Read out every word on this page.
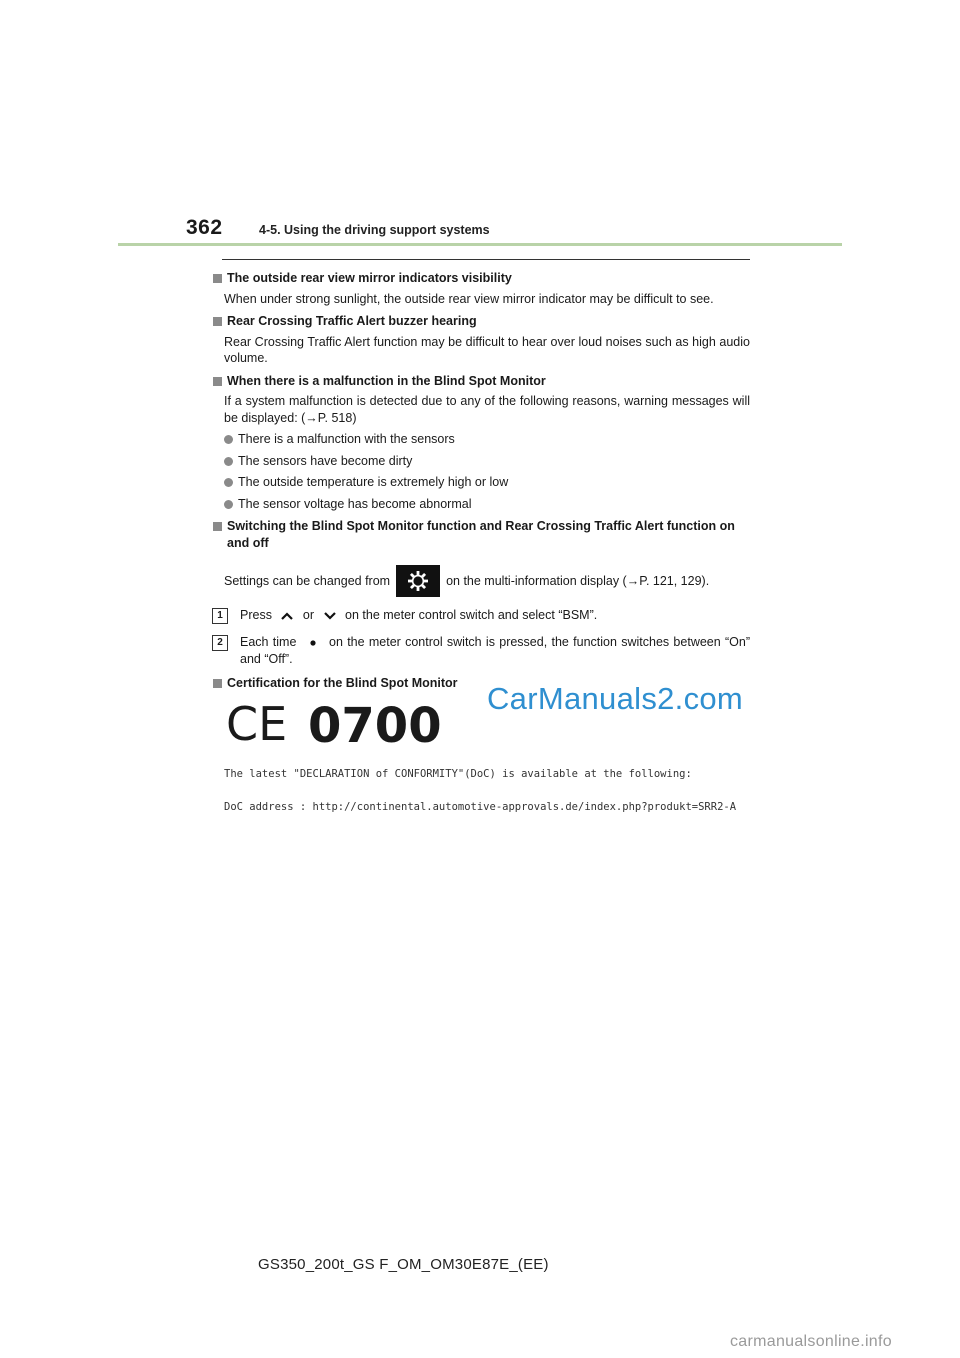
362	4-5. Using the driving support systems
The outside rear view mirror indicators visibility
When under strong sunlight, the outside rear view mirror indicator may be difficult to see.
Rear Crossing Traffic Alert buzzer hearing
Rear Crossing Traffic Alert function may be difficult to hear over loud noises such as high audio volume.
When there is a malfunction in the Blind Spot Monitor
If a system malfunction is detected due to any of the following reasons, warning messages will be displayed: (→P. 518)
There is a malfunction with the sensors
The sensors have become dirty
The outside temperature is extremely high or low
The sensor voltage has become abnormal
Switching the Blind Spot Monitor function and Rear Crossing Traffic Alert function on and off
Settings can be changed from	on the multi-information display (→P. 121, 129).
1	Press or on the meter control switch and select “BSM”.
2	Each time	on the meter control switch is pressed, the function switches between “On” and “Off”.
Certification for the Blind Spot Monitor
CE 0700 CarManuals2.com
The latest "DECLARATION of CONFORMITY"(DoC) is available at the following:
DoC address : http://continental.automotive-approvals.de/index.php?produkt=SRR2-A
GS350_200t_GS F_OM_OM30E87E_(EE)
carmanualsonline.info
